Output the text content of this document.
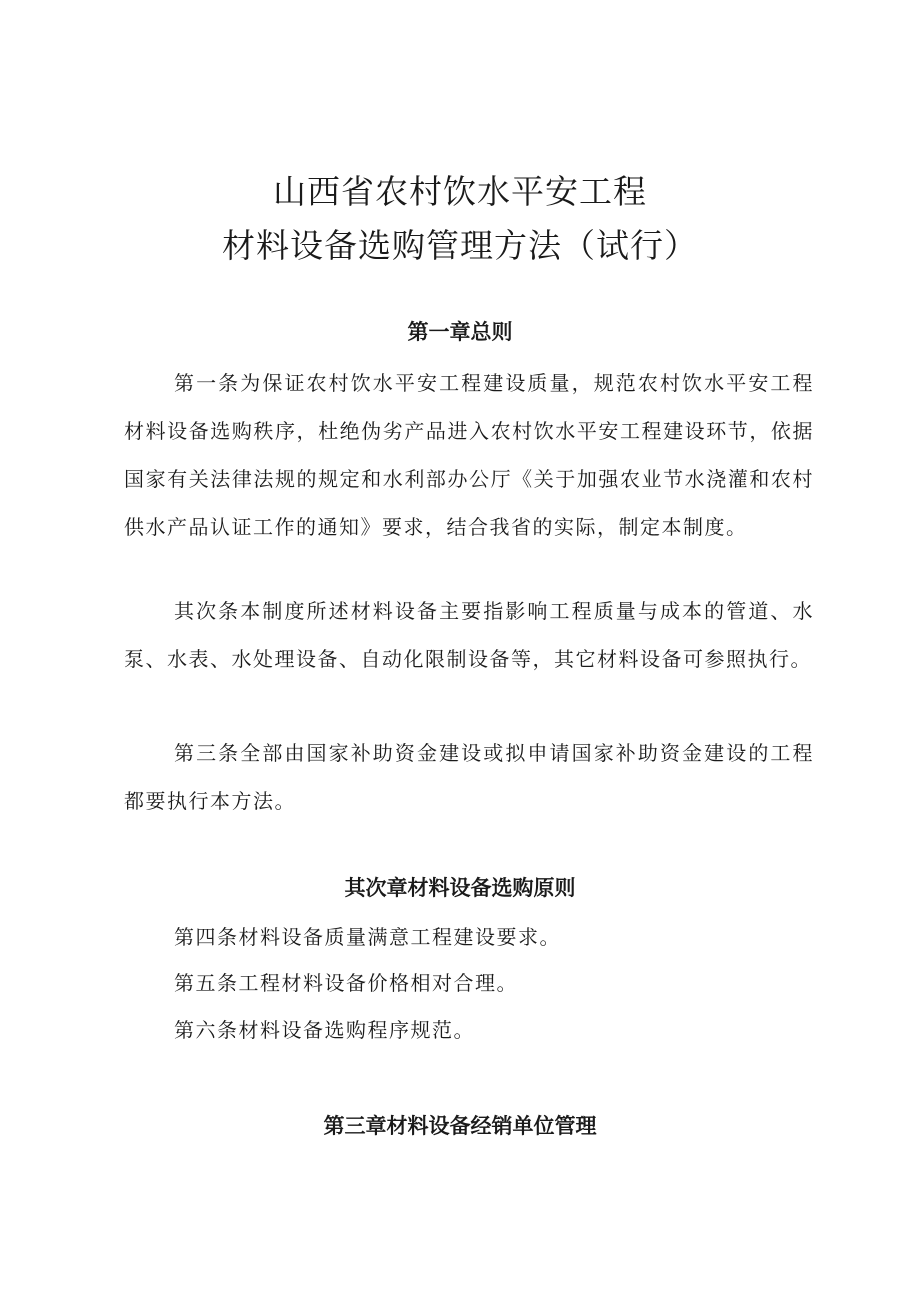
山西省农村饮水平安工程
材料设备选购管理方法（试行）
第一章总则

第一条为保证农村饮水平安工程建设质量，规范农村饮水平安工程材料设备选购秩序，杜绝伪劣产品进入农村饮水平安工程建设环节，依据国家有关法律法规的规定和水利部办公厅《关于加强农业节水浇灌和农村供水产品认证工作的通知》要求，结合我省的实际，制定本制度。

其次条本制度所述材料设备主要指影响工程质量与成本的管道、水泵、水表、水处理设备、自动化限制设备等，其它材料设备可参照执行。

第三条全部由国家补助资金建设或拟申请国家补助资金建设的工程都要执行本方法。

其次章材料设备选购原则

第四条材料设备质量满意工程建设要求。

第五条工程材料设备价格相对合理。

第六条材料设备选购程序规范。

第三章材料设备经销单位管理
